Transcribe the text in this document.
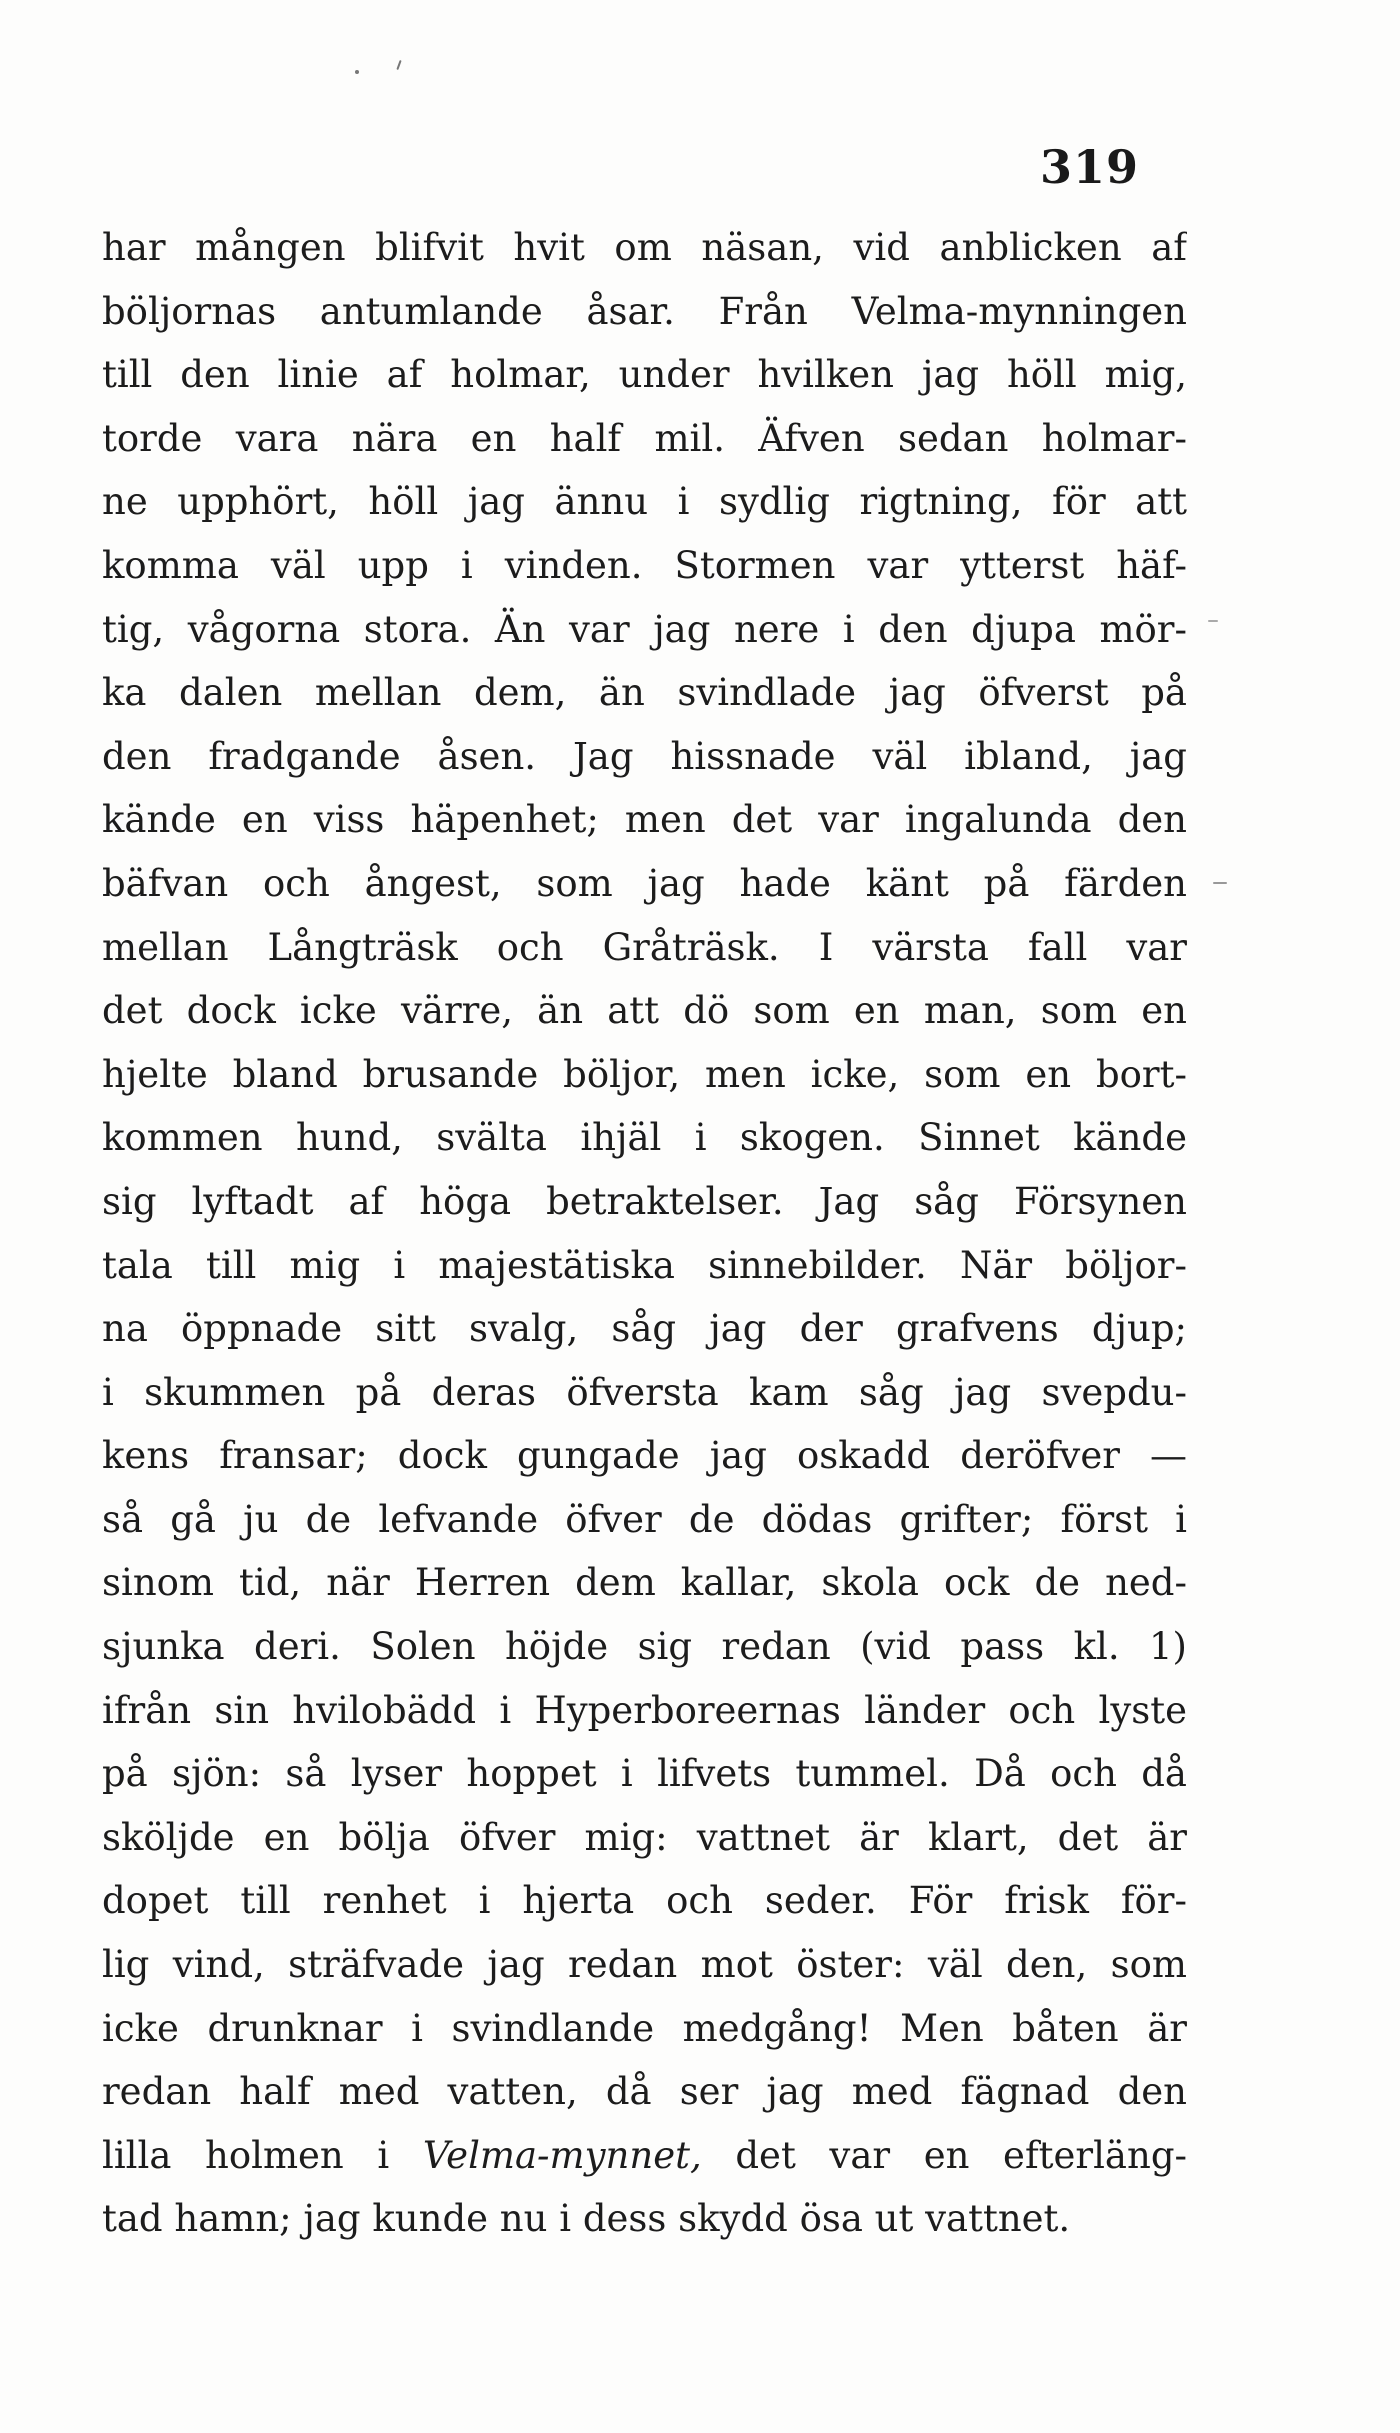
319
har mången blifvit hvit om näsan, vid anblicken af
böljornas antumlande åsar. Från Velma-mynningen
till den linie af holmar, under hvilken jag höll mig,
torde vara nära en half mil. Äfven sedan holmar-
ne upphört, höll jag ännu i sydlig rigtning, för att
komma väl upp i vinden. Stormen var ytterst häf-
tig, vågorna stora. Än var jag nere i den djupa mör-
ka dalen mellan dem, än svindlade jag öfverst på
den fradgande åsen. Jag hissnade väl ibland, jag
kände en viss häpenhet; men det var ingalunda den
bäfvan och ångest, som jag hade känt på färden
mellan Långträsk och Gråträsk. I värsta fall var
det dock icke värre, än att dö som en man, som en
hjelte bland brusande böljor, men icke, som en bort-
kommen hund, svälta ihjäl i skogen. Sinnet kände
sig lyftadt af höga betraktelser. Jag såg Försynen
tala till mig i majestätiska sinnebilder. När böljor-
na öppnade sitt svalg, såg jag der grafvens djup;
i skummen på deras öfversta kam såg jag svepdu-
kens fransar; dock gungade jag oskadd deröfver —
så gå ju de lefvande öfver de dödas grifter; först i
sinom tid, när Herren dem kallar, skola ock de ned-
sjunka deri. Solen höjde sig redan (vid pass kl. 1)
ifrån sin hvilobädd i Hyperboreernas länder och lyste
på sjön: så lyser hoppet i lifvets tummel. Då och då
sköljde en bölja öfver mig: vattnet är klart, det är
dopet till renhet i hjerta och seder. För frisk för-
lig vind, sträfvade jag redan mot öster: väl den, som
icke drunknar i svindlande medgång! Men båten är
redan half med vatten, då ser jag med fägnad den
lilla holmen i Velma-mynnet, det var en efterläng-
tad hamn; jag kunde nu i dess skydd ösa ut vattnet.
